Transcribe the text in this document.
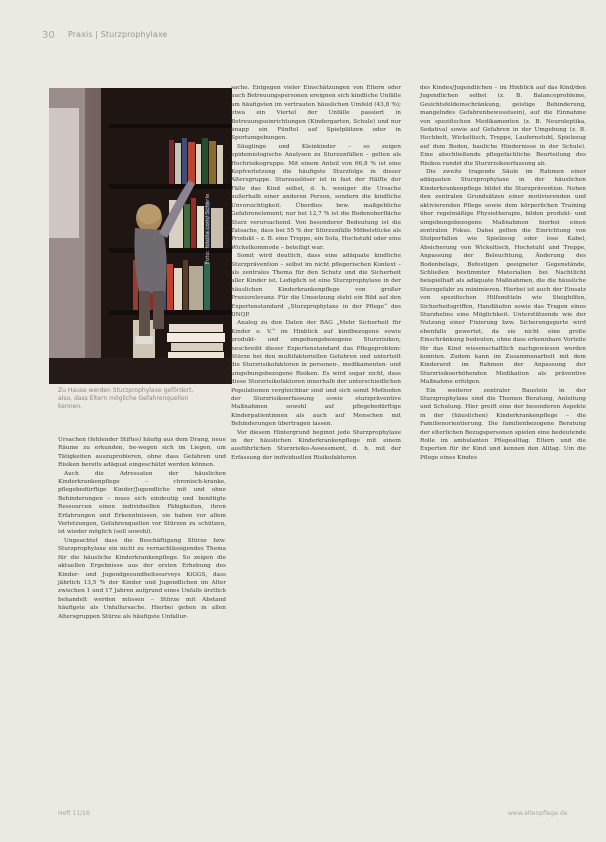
30 Praxis | Sturzprophylaxe
Foto: fotolia.com/ Scherle
Zu Hause werden Sturzprophylaxe gefördert, also, dass Eltern mögliche Gefahrenquellen kennen.

Ursachen (fehlender Stiftes) häufig aus dem Drang, neue Räume zu erkunden, be-wegen sich im Liegen, um Tätigkeiten auszuprobieren, ohne dass Gefahren und Risiken bereits adäquat eingeschätzt werden können.

Auch die Adressaten der häuslichen Kinderkrankenpflege – chronisch-kranke, pflegebedürftige Kinder/Jugendliche mit und ohne Behinderungen – muss sich eindeutig und benötigte Ressourcen einen individuellen Fähigkeiten, ihren Erfahrungen und Erkenntnissen, sie haben vor allem Verletzungen, Gefahrenquellen vor Stürzen zu schützen, ist wieder möglich (soll sowohl).

Ungeachtet dass die Beschäftigung Stürze bzw. Sturzprophylaxe ein nicht zu vernachlässigendes Thema für die häusliche Kinderkrankenpflege. So zeigen die aktuellen Ergebnisse aus der ersten Erhebung des Kinder- und Jugendgesundheitssurveys KiGGS, dass jährlich 13,5 % der Kinder und Jugendlichen im Alter zwischen 1 und 17 Jahren aufgrund eines Unfalls ärztlich behandelt werden müssen – Stürze mit Abstand häufigste als Unfallursache. Hierbei gehen in allen Altersgruppen Stürze als häufigste Unfallur-

sache. Entgegen vieler Einschätzungen von Eltern oder auch Betreuungspersonen ereignen sich kindliche Unfälle am häufigsten im vertrauten häuslichen Umfeld (43,8 %); etwa ein Viertel der Unfälle passiert in Betreuungseinrichtungen (Kindergarten, Schule) und nur knapp ein Fünftel auf Spielplätzen oder in Sportumgebungen.

Säuglinge und Kleinkinder – so zeigen epidemiologische Analysen zu Sturzunfällen – gelten als Hochrisikogruppe. Mit einem Anteil von 66,8 % ist eine Kopfverletzung die häufigste Sturzfolge in dieser Altersgruppe. Sturzauslöser ist in fast der Hälfte der Fälle das Kind selbst, d. h. weniger die Ursache außerhalb einer anderen Person, sondern die kindliche Unvorsichtigkeit. Überdies bew. maßgebliche Gefahrenelement; nur bei 12,7 % ist die Bodenoberfläche Sturz verursachend. Von besonderer Bedeutung ist die Tatsache, dass bei 55 % der Stürzunfälle Möbelstücke als Produkt – z. B. eine Treppe, ein Sofa, Hochstuhl oder eine Wickelkommode – beteiligt war.

Somit wird deutlich, dass eine adäquate kindliche Sturzprävention – selbst im nicht pflegerischen Kontext – als zentrales Thema für den Schutz und die Sicherheit aller Kinder ist. Lediglich ist eine Sturzprophylaxe in der häuslichen Kinderkrankenpflege von großer Praxisrelevanz. Für die Umsetzung steht ein Bild auf den Expertenstandard „Sturzprophylaxe in der Pflege“ des DNQP.

Analog zu den Daten der BAG „Mehr Sicherheit für Kinder e. V.“ im Hinblick auf kindbezogene sowie produkt- und umgebungsbezogene Sturzrisiken, beschreibt dieser Expertenstandard das Pflegeproblem: Stürze bei den multifaktoriellen Gefahren und unterteilt die Sturzrisikofaktoren in personen-, medikamenten- und umgebungsbezogene Risiken. Es wird sogar nicht, dass diese Sturzrisikofaktoren innerhalb der unterschiedlichen Populationen vergleichbar sind und sich somit Methoden der Sturzrisikoerfassung sowie sturzpräventive Maßnahmen sowohl auf pflegebedürftige Kinderpatientinnen als auch auf Menschen mit Behinderungen übertragen lassen.

Vor diesem Hintergrund beginnt jede Sturzprophylaxe in der häuslichen Kinderkrankenpflege mit einem ausführlichen Sturzrisiko-Assessment, d. h. mit der Erfassung der individuellen Risikofaktoren

des Kindes/Jugendlichen – im Hinblick auf das Kind/den Jugendlichen selbst (z. B. Balanceprobleme, Gesichtsfeldeinschränkung, geistige Behinderung, mangelndes Gefahrenbewusstsein), auf die Einnahme von spezifischen Medikamenten (z. B. Neuroleptika, Sedativa) sowie auf Gefahren in der Umgebung (z. B. Hochbett, Wickeltisch, Treppe, Laufernstuhl, Spielzeug auf dem Boden, bauliche Hindernisse in der Schule). Eine abschließende pflegefachliche Beurteilung des Risikos rundet die Sturzrisikoerfassung ab.

Die zweite tragende Säule im Rahmen einer adäquaten Sturzprophylaxe in der häuslichen Kinderkrankenpflege bildet die Sturzprävention. Neben den zentralen Grundsätzen einer motivierenden und aktivierenden Pflege sowie dem körperlichen Training über regelmäßige Physiotherapie, bilden produkt- und umgebungsbezogene Maßnahmen hierbei einen zentralen Fokus. Dabei gelten die Einrichtung von Stolperfallen wie Spielzeug oder lose Kabel, Absicherung von Wickeltisch, Hochstuhl und Treppe, Anpassung der Beleuchtung, Änderung des Bodenbelags, Befestigen geeigneter Gegenstände, Schließen bestimmter Materialien bei Nachtlicht beispielhaft als adäquate Maßnahmen, die die häusliche Sturzgefahr zu minimieren. Hierbei ist auch der Einsatz von spezifischen Hilfsmitteln wie Steighilfen, Sicherheitsgriffen, Handläufen sowie das Tragen eines Sturzhelms eine Möglichkeit. Unterstützende wie der Nutzung einer Fixierung bzw. Sicherungsgurte wird ebenfalls gewertet, da sie nicht eine große Einschränkung bedeuten, ohne dass erkennbare Vorteile für das Kind wissenschaftlich nachgewiesen werden konnten. Zudem kann im Zusammenarbeit mit dem Kinderarzt im Rahmen der Anpassung der Sturzrisikoerhöhenden Medikation als präventive Maßnahme erfolgen.

Ein weiterer zentraler Baustein in der Sturzprophylaxe sind die Themen Beratung, Anleitung und Schulung. Hier greift eine der besonderen Aspekte in der (häuslichen) Kinderkrankenpflege – die Familienorientierung. Die familienbezogene Beratung der elterlichen Bezugspersonen spielen eine bedeutende Rolle im ambulanten Pflegealltag. Eltern und die Experten für ihr Kind und kennen den Alltag. Um die Pflege eines Kindes

Heft 11/16	www.altenpflege.de
